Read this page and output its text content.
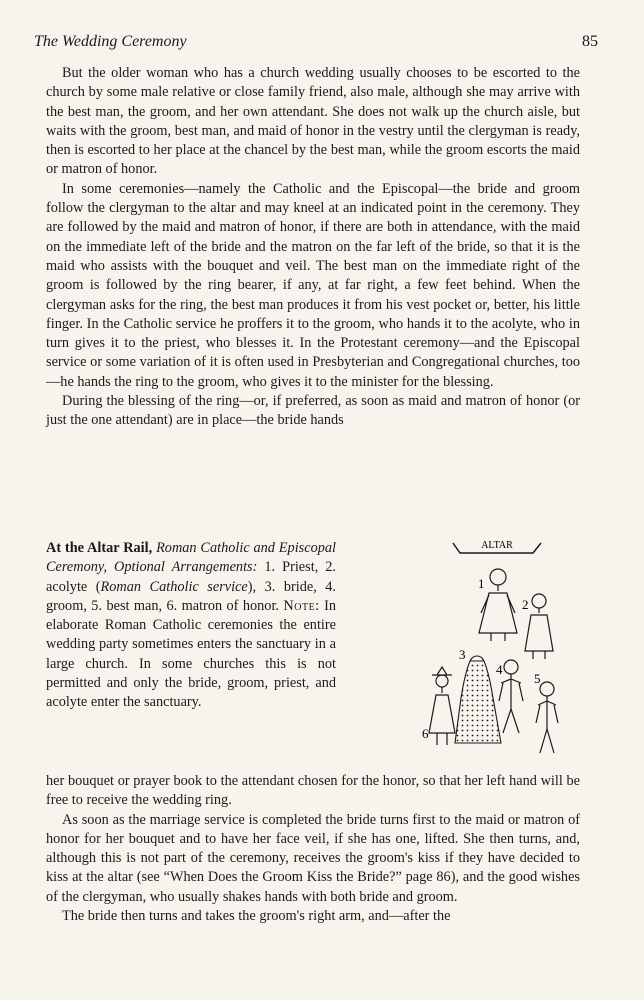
The Wedding Ceremony	85

But the older woman who has a church wedding usually chooses to be escorted to the church by some male relative or close family friend, also male, although she may arrive with the best man, the groom, and her own attendant. She does not walk up the church aisle, but waits with the groom, best man, and maid of honor in the vestry until the clergyman is ready, then is escorted to her place at the chancel by the best man, while the groom escorts the maid or matron of honor.

In some ceremonies—namely the Catholic and the Episcopal—the bride and groom follow the clergyman to the altar and may kneel at an indicated point in the ceremony. They are followed by the maid and matron of honor, if there are both in attendance, with the maid on the immediate left of the bride and the matron on the far left of the bride, so that it is the maid who assists with the bouquet and veil. The best man on the immediate right of the groom is followed by the ring bearer, if any, at far right, a few feet behind. When the clergyman asks for the ring, the best man produces it from his vest pocket or, better, his little finger. In the Catholic service he proffers it to the groom, who hands it to the acolyte, who in turn gives it to the priest, who blesses it. In the Protestant ceremony—and the Episcopal service or some variation of it is often used in Presbyterian and Congregational churches, too—he hands the ring to the groom, who gives it to the minister for the blessing.

During the blessing of the ring—or, if preferred, as soon as maid and matron of honor (or just the one attendant) are in place—the bride hands

At the Altar Rail, Roman Catholic and Episcopal Ceremony, Optional Arrangements: 1. Priest, 2. acolyte (Roman Catholic service), 3. bride, 4. groom, 5. best man, 6. matron of honor. Note: In elaborate Roman Catholic ceremonies the entire wedding party sometimes enters the sanctuary in a large church. In some churches this is not permitted and only the bride, groom, priest, and acolyte enter the sanctuary.
ALTAR
1
2
3
4
5
6

her bouquet or prayer book to the attendant chosen for the honor, so that her left hand will be free to receive the wedding ring.

As soon as the marriage service is completed the bride turns first to the maid or matron of honor for her bouquet and to have her face veil, if she has one, lifted. She then turns, and, although this is not part of the ceremony, receives the groom's kiss if they have decided to kiss at the altar (see “When Does the Groom Kiss the Bride?” page 86), and the good wishes of the clergyman, who usually shakes hands with both bride and groom.

The bride then turns and takes the groom's right arm, and—after the
